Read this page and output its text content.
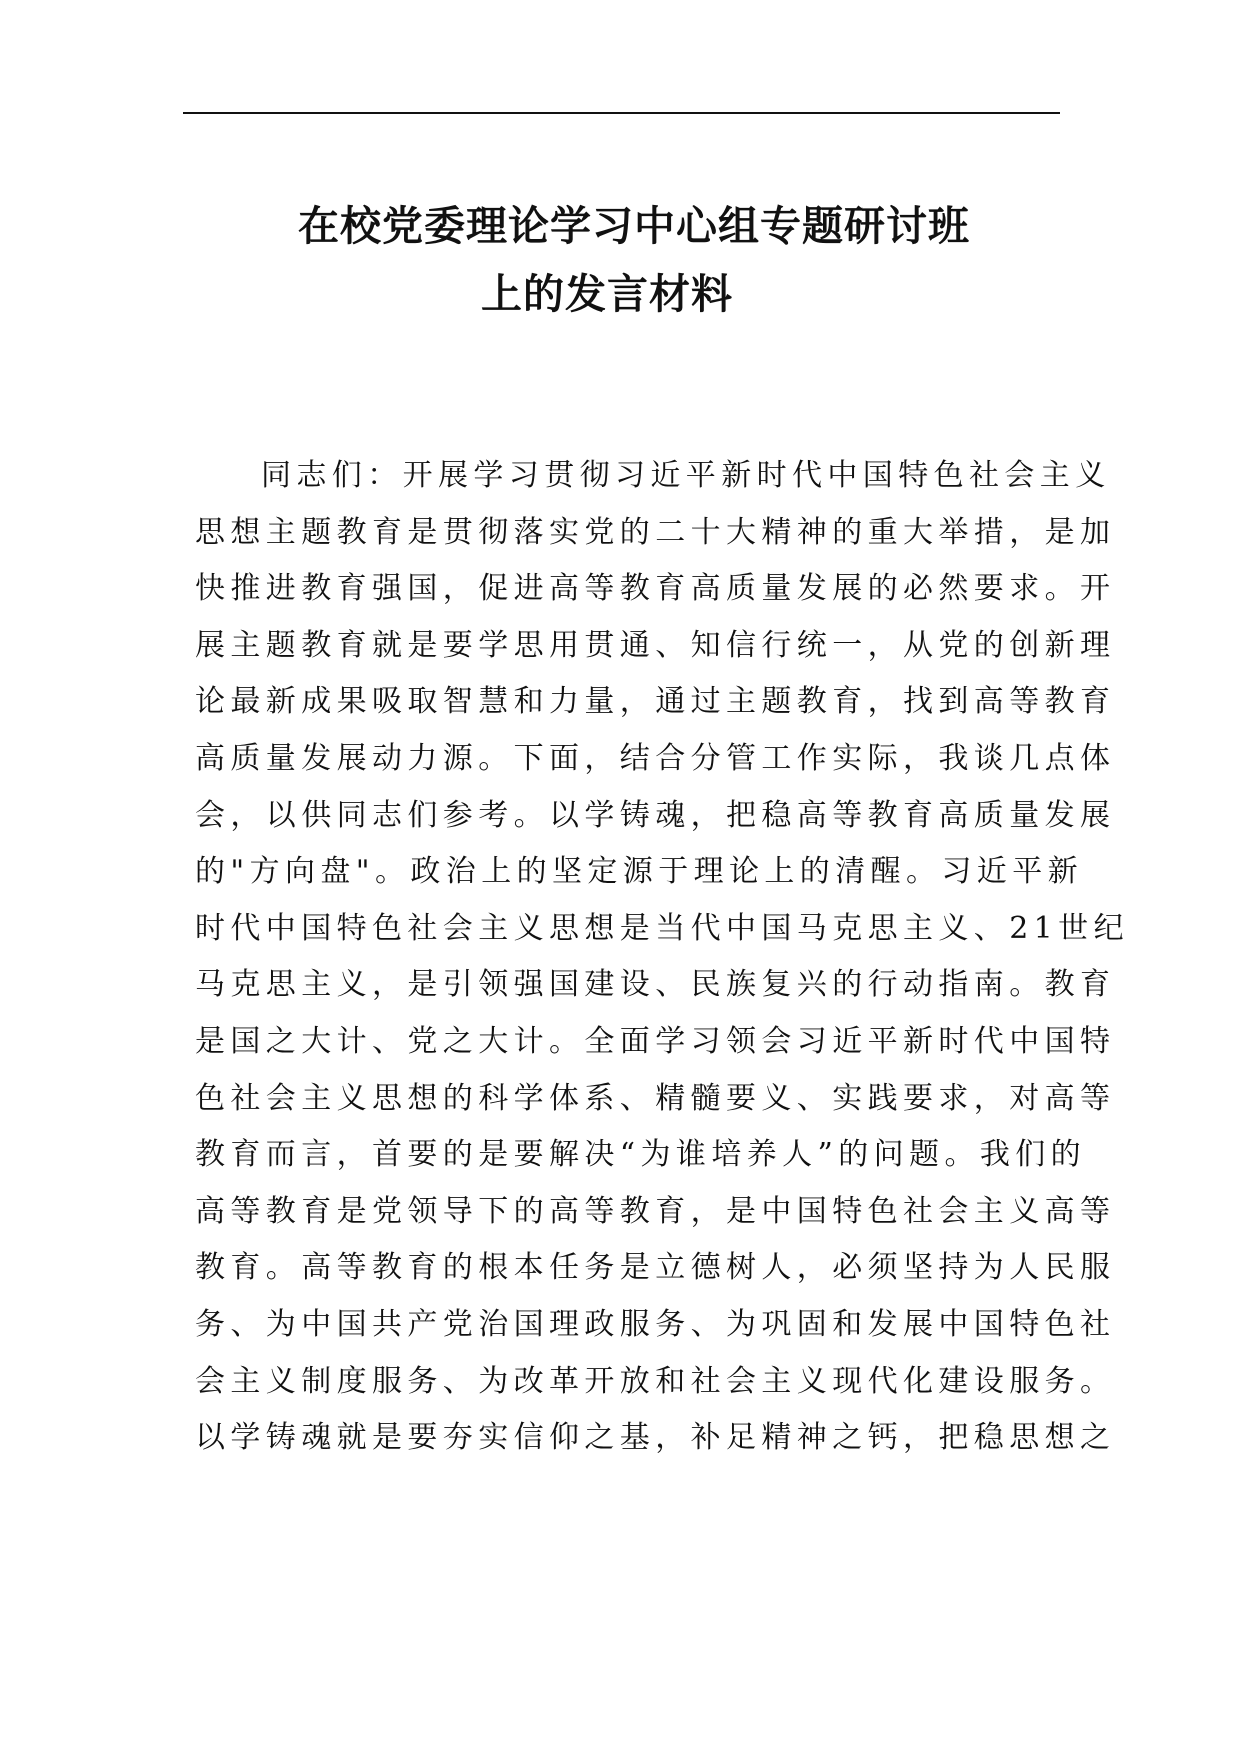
在校党委理论学习中心组专题研讨班

上的发言材料

同志们：开展学习贯彻习近平新时代中国特色社会主义

思想主题教育是贯彻落实党的二十大精神的重大举措，是加

快推进教育强国，促进高等教育高质量发展的必然要求。开

展主题教育就是要学思用贯通、知信行统一，从党的创新理

论最新成果吸取智慧和力量，通过主题教育，找到高等教育

高质量发展动力源。下面，结合分管工作实际，我谈几点体

会，以供同志们参考。以学铸魂，把稳高等教育高质量发展

的"方向盘"。政治上的坚定源于理论上的清醒。习近平新

时代中国特色社会主义思想是当代中国马克思主义、21世纪

马克思主义，是引领强国建设、民族复兴的行动指南。教育

是国之大计、党之大计。全面学习领会习近平新时代中国特

色社会主义思想的科学体系、精髓要义、实践要求，对高等

教育而言，首要的是要解决“为谁培养人”的问题。我们的

高等教育是党领导下的高等教育，是中国特色社会主义高等

教育。高等教育的根本任务是立德树人，必须坚持为人民服

务、为中国共产党治国理政服务、为巩固和发展中国特色社

会主义制度服务、为改革开放和社会主义现代化建设服务。

以学铸魂就是要夯实信仰之基，补足精神之钙，把稳思想之
